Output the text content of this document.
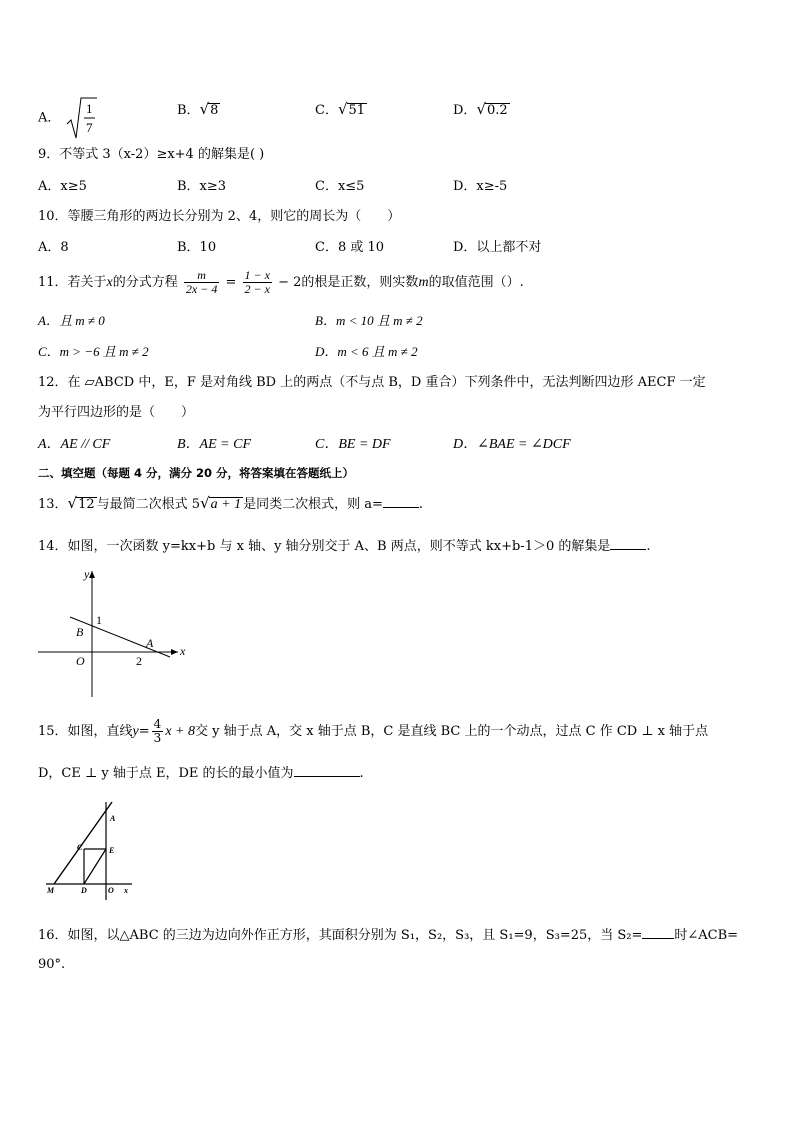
A．
1
7
B．√8	C．√51	D．√0.2
9．不等式 3（x-2）≥x+4 的解集是( )
A．x≥5	B．x≥3	C．x≤5	D．x≥-5
10．等腰三角形的两边长分别为 2、4，则它的周长为（　　）
A．8	B．10	C．8 或 10	D．以上都不对
11．若关于x的分式方程 $\frac{m}{2x - 4} = \frac{1 - x}{2 - x} - 2$的根是正数，则实数m的取值范围（）.
A．且 m ≠ 0	B．m < 10 且 m ≠ 2
C．m > −6 且 m ≠ 2	D．m < 6 且 m ≠ 2
12．在 ▱ABCD 中，E，F 是对角线 BD 上的两点（不与点 B，D 重合）下列条件中，无法判断四边形 AECF 一定
为平行四边形的是（　　）
A．AE // CF	B．AE = CF	C．BE = DF	D．∠BAE = ∠DCF
二、填空题（每题 4 分，满分 20 分，将答案填在答题纸上）
13．√12 与最简二次根式 5√a + 1 是同类二次根式，则 a=	.
14．如图，一次函数 y=kx+b 与 x 轴、y 轴分别交于 A、B 两点，则不等式 kx+b-1＞0 的解集是	.
y
x
1
B
A
O	2
15．如图，直线$y= \frac{4}{3}$ x + 8交 y 轴于点 A，交 x 轴于点 B，C 是直线 BC 上的一个动点，过点 C 作 CD ⊥ x 轴于点
D，CE ⊥ y 轴于点 E，DE 的长的最小值为	.
A
C	E
M	D	O x
16．如图，以△ABC 的三边为边向外作正方形，其面积分别为 S₁，S₂，S₃，且 S₁=9，S₃=25，当 S₂= 时∠ACB=
90°.
